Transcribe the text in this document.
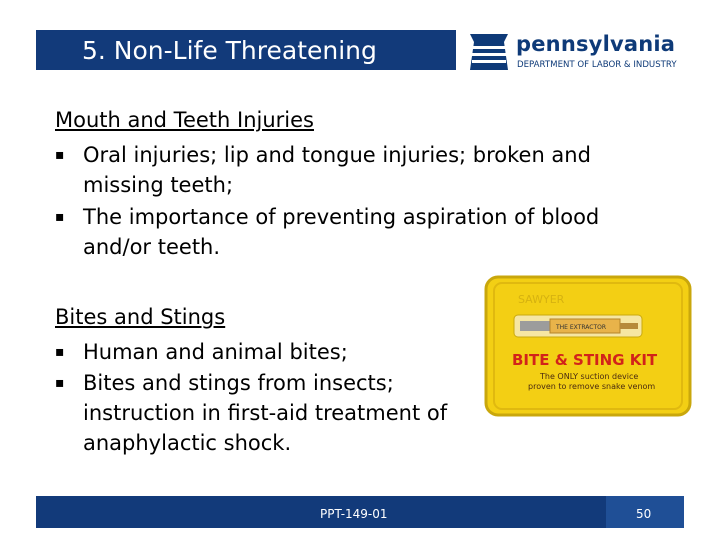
5. Non-Life Threatening	pennsylvania
DEPARTMENT OF LABOR & INDUSTRY
Mouth and Teeth Injuries
▪ Oral injuries; lip and tongue injuries; broken and missing teeth;
▪ The importance of preventing aspiration of blood and/or teeth.
Bites and Stings
▪ Human and animal bites;
▪ Bites and stings from insects; instruction in first-aid treatment of anaphylactic shock.
SAWYER
THE EXTRACTOR
BITE & STING KIT
The ONLY suction device
proven to remove snake venom
PPT-149-01	50
